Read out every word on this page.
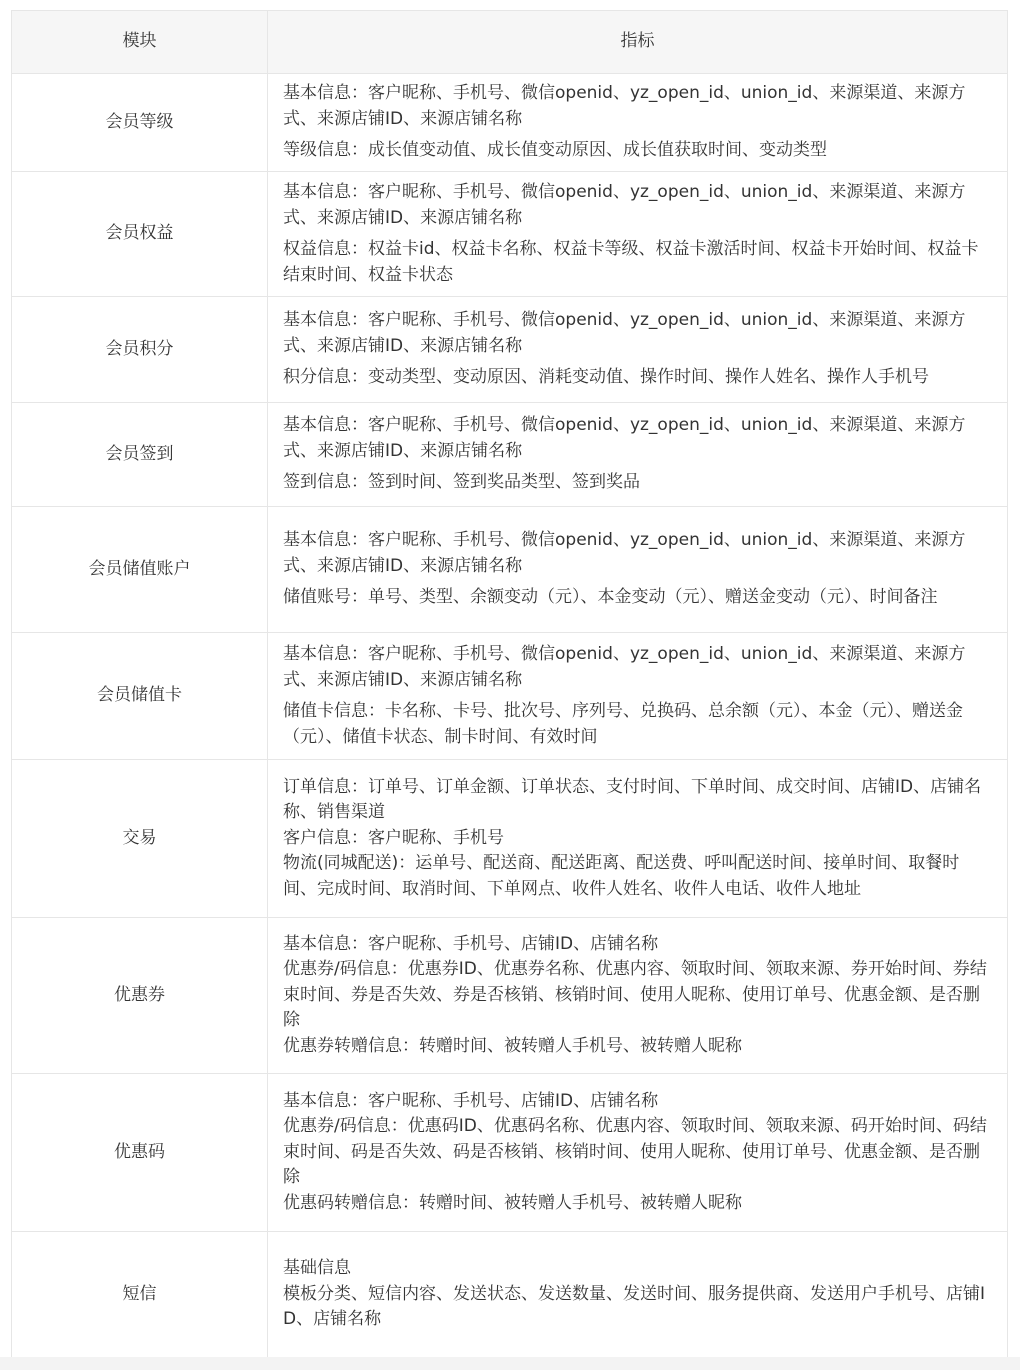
模块	指标
会员等级	基本信息：客户昵称、手机号、微信openid、yz_open_id、union_id、来源渠道、来源方式、来源店铺ID、来源店铺名称
等级信息：成长值变动值、成长值变动原因、成长值获取时间、变动类型

会员权益	基本信息：客户昵称、手机号、微信openid、yz_open_id、union_id、来源渠道、来源方式、来源店铺ID、来源店铺名称
权益信息：权益卡id、权益卡名称、权益卡等级、权益卡激活时间、权益卡开始时间、权益卡结束时间、权益卡状态

会员积分	基本信息：客户昵称、手机号、微信openid、yz_open_id、union_id、来源渠道、来源方式、来源店铺ID、来源店铺名称
积分信息：变动类型、变动原因、消耗变动值、操作时间、操作人姓名、操作人手机号

会员签到	基本信息：客户昵称、手机号、微信openid、yz_open_id、union_id、来源渠道、来源方式、来源店铺ID、来源店铺名称
签到信息：签到时间、签到奖品类型、签到奖品

会员储值账户	基本信息：客户昵称、手机号、微信openid、yz_open_id、union_id、来源渠道、来源方式、来源店铺ID、来源店铺名称
储值账号：单号、类型、余额变动（元）、本金变动（元）、赠送金变动（元）、时间备注

会员储值卡	基本信息：客户昵称、手机号、微信openid、yz_open_id、union_id、来源渠道、来源方式、来源店铺ID、来源店铺名称
储值卡信息：卡名称、卡号、批次号、序列号、兑换码、总余额（元）、本金（元）、赠送金（元）、储值卡状态、制卡时间、有效时间

交易	订单信息：订单号、订单金额、订单状态、支付时间、下单时间、成交时间、店铺ID、店铺名称、销售渠道
客户信息：客户昵称、手机号
物流(同城配送)：运单号、配送商、配送距离、配送费、呼叫配送时间、接单时间、取餐时间、完成时间、取消时间、下单网点、收件人姓名、收件人电话、收件人地址

优惠券	基本信息：客户昵称、手机号、店铺ID、店铺名称
优惠券/码信息：优惠券ID、优惠券名称、优惠内容、领取时间、领取来源、券开始时间、券结束时间、券是否失效、券是否核销、核销时间、使用人昵称、使用订单号、优惠金额、是否删除
优惠券转赠信息：转赠时间、被转赠人手机号、被转赠人昵称

优惠码	基本信息：客户昵称、手机号、店铺ID、店铺名称
优惠券/码信息：优惠码ID、优惠码名称、优惠内容、领取时间、领取来源、码开始时间、码结束时间、码是否失效、码是否核销、核销时间、使用人昵称、使用订单号、优惠金额、是否删除
优惠码转赠信息：转赠时间、被转赠人手机号、被转赠人昵称

短信	基础信息
模板分类、短信内容、发送状态、发送数量、发送时间、服务提供商、发送用户手机号、店铺ID、店铺名称
